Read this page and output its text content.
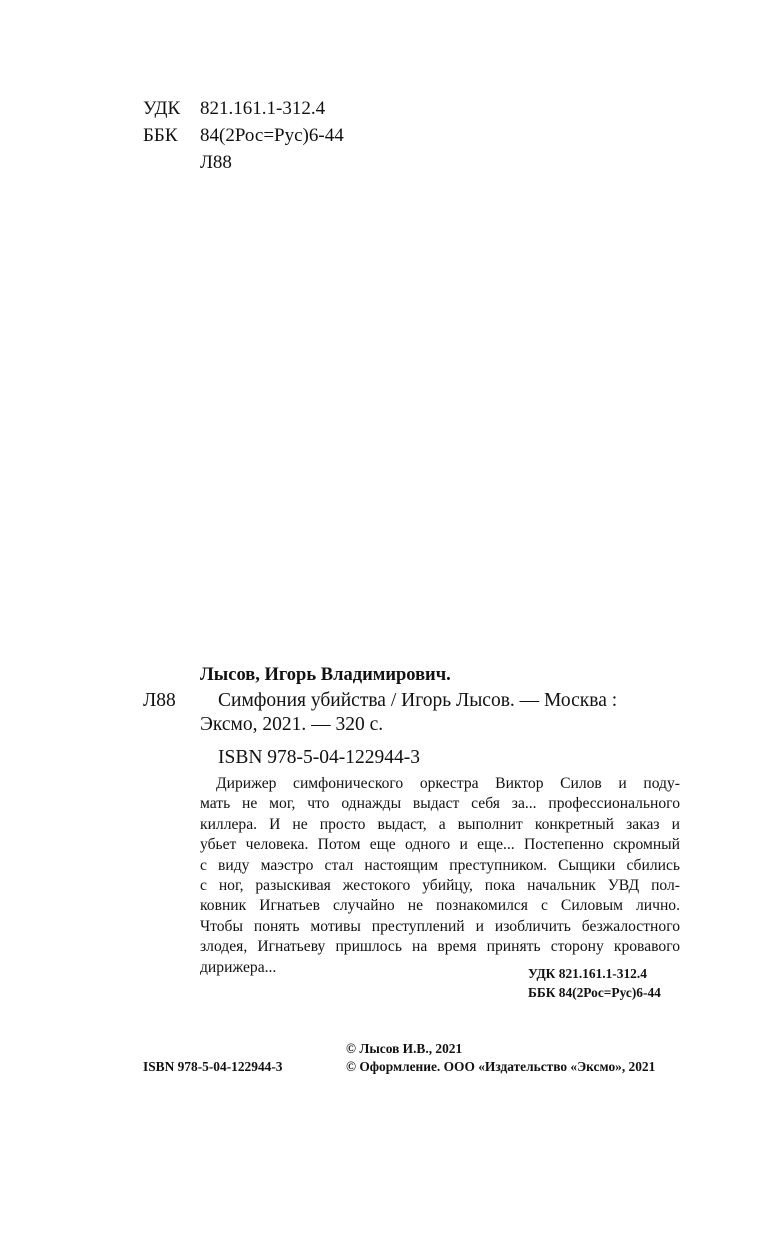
УДК 821.161.1-312.4
ББК 84(2Рос=Рус)6-44
Л88
Лысов, Игорь Владимирович.
Л88 Симфония убийства / Игорь Лысов. — Москва :
Эксмо, 2021. — 320 с.
ISBN 978-5-04-122944-3
Дирижер симфонического оркестра Виктор Силов и поду-
мать не мог, что однажды выдаст себя за... профессионального
киллера. И не просто выдаст, а выполнит конкретный заказ и
убьет человека. Потом еще одного и еще... Постепенно скромный
с виду маэстро стал настоящим преступником. Сыщики сбились
с ног, разыскивая жестокого убийцу, пока начальник УВД пол-
ковник Игнатьев случайно не познакомился с Силовым лично.
Чтобы понять мотивы преступлений и изобличить безжалостного
злодея, Игнатьеву пришлось на время принять сторону кровавого
дирижера...	УДК 821.161.1-312.4
ББК 84(2Рос=Рус)6-44
ISBN 978-5-04-122944-3
© Лысов И.В., 2021
© Оформление. ООО «Издательство «Эксмо», 2021
